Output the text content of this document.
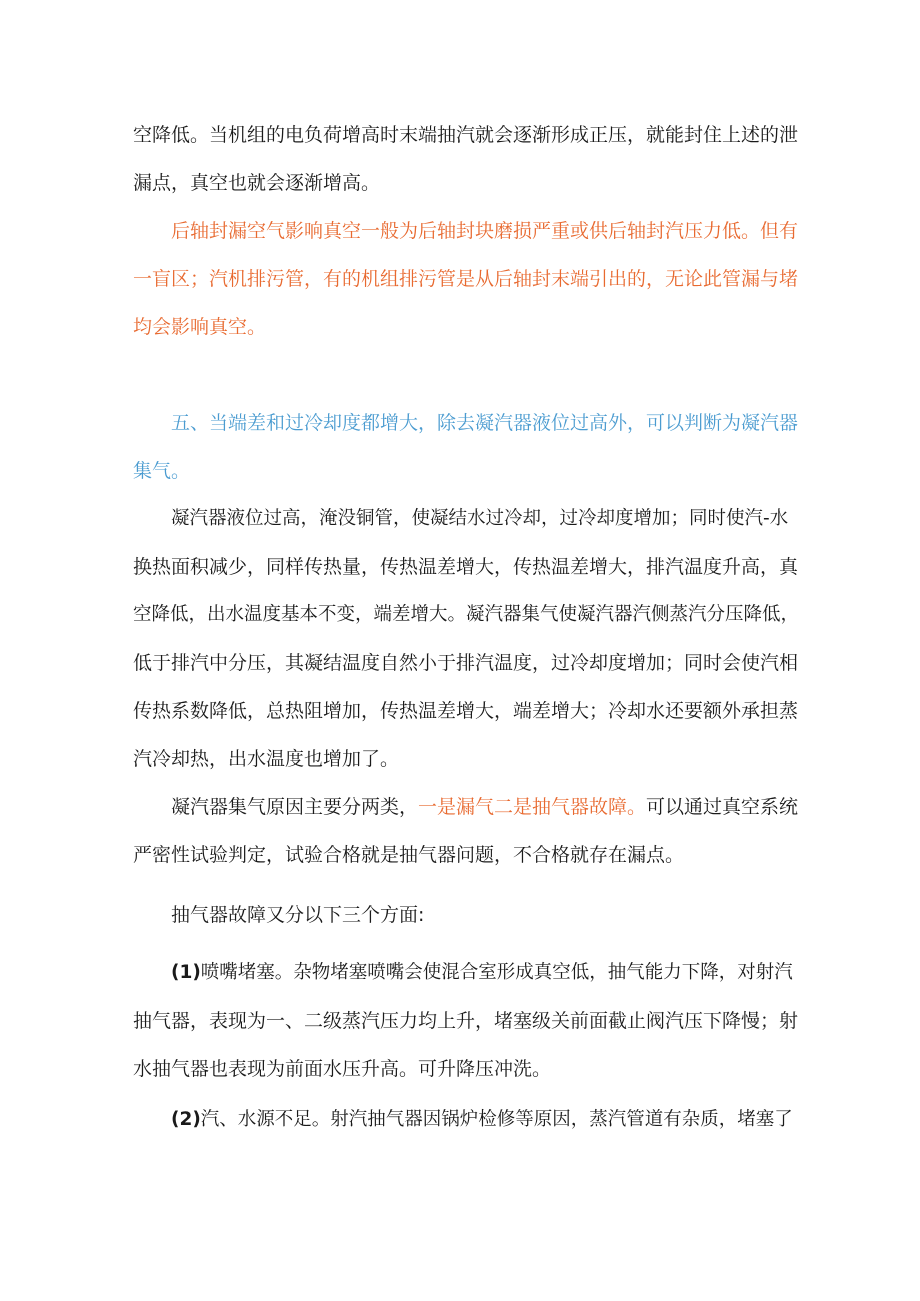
空降低。当机组的电负荷增高时末端抽汽就会逐渐形成正压，就能封住上述的泄

漏点，真空也就会逐渐增高。

后轴封漏空气影响真空一般为后轴封块磨损严重或供后轴封汽压力低。但有

一盲区；汽机排污管，有的机组排污管是从后轴封末端引出的，无论此管漏与堵

均会影响真空。

五、当端差和过冷却度都增大，除去凝汽器液位过高外，可以判断为凝汽器

集气。

凝汽器液位过高，淹没铜管，使凝结水过冷却，过冷却度增加；同时使汽-水

换热面积减少，同样传热量，传热温差增大，传热温差增大，排汽温度升高，真

空降低，出水温度基本不变，端差增大。凝汽器集气使凝汽器汽侧蒸汽分压降低，

低于排汽中分压，其凝结温度自然小于排汽温度，过冷却度增加；同时会使汽相

传热系数降低，总热阻增加，传热温差增大，端差增大；冷却水还要额外承担蒸

汽冷却热，出水温度也增加了。

凝汽器集气原因主要分两类，一是漏气二是抽气器故障。可以通过真空系统

严密性试验判定，试验合格就是抽气器问题，不合格就存在漏点。

抽气器故障又分以下三个方面:

(1)喷嘴堵塞。杂物堵塞喷嘴会使混合室形成真空低，抽气能力下降，对射汽

抽气器，表现为一、二级蒸汽压力均上升，堵塞级关前面截止阀汽压下降慢；射

水抽气器也表现为前面水压升高。可升降压冲洗。

(2)汽、水源不足。射汽抽气器因锅炉检修等原因，蒸汽管道有杂质，堵塞了
